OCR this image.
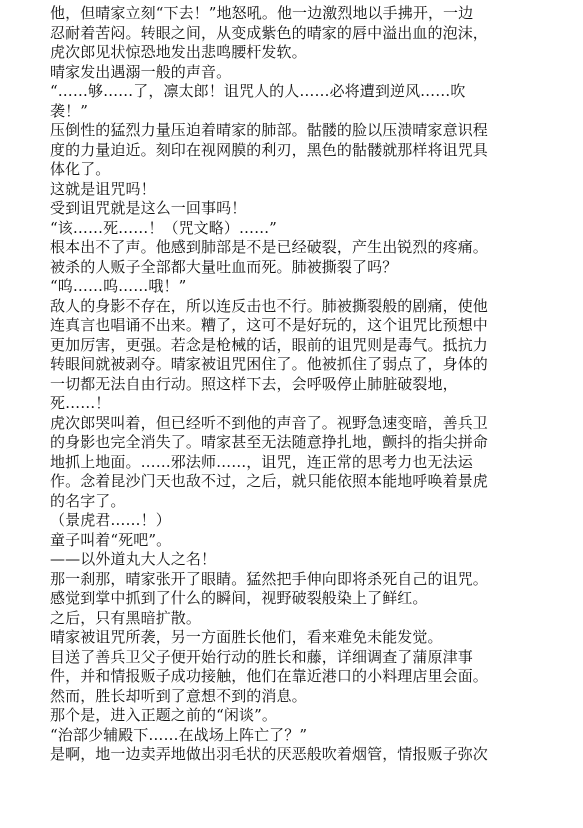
他，但晴家立刻“下去！”地怒吼。他一边激烈地以手拂开，一边
忍耐着苦闷。转眼之间，从变成紫色的晴家的唇中溢出血的泡沫，
虎次郎见状惊恐地发出悲鸣腰杆发软。
晴家发出遇溺一般的声音。
“……够……了，凛太郎！诅咒人的人……必将遭到逆风……吹
袭！”
压倒性的猛烈力量压迫着晴家的肺部。骷髅的脸以压溃晴家意识程
度的力量迫近。刻印在视网膜的利刃，黑色的骷髅就那样将诅咒具
体化了。
这就是诅咒吗！
受到诅咒就是这么一回事吗！
“该……死……！（咒文略）……”
根本出不了声。他感到肺部是不是已经破裂，产生出锐烈的疼痛。
被杀的人贩子全部都大量吐血而死。肺被撕裂了吗？
“呜……呜……哦！”
敌人的身影不存在，所以连反击也不行。肺被撕裂般的剧痛，使他
连真言也唱诵不出来。糟了，这可不是好玩的，这个诅咒比预想中
更加厉害，更强。若念是枪械的话，眼前的诅咒则是毒气。抵抗力
转眼间就被剥夺。晴家被诅咒困住了。他被抓住了弱点了，身体的
一切都无法自由行动。照这样下去，会呼吸停止肺脏破裂地，
死……！
虎次郎哭叫着，但已经听不到他的声音了。视野急速变暗，善兵卫
的身影也完全消失了。晴家甚至无法随意挣扎地，颤抖的指尖拼命
地抓上地面。……邪法师……，诅咒，连正常的思考力也无法运
作。念着昆沙门天也敌不过，之后，就只能依照本能地呼唤着景虎
的名字了。
（景虎君……！）
童子叫着“死吧”。
——以外道丸大人之名！
那一刹那，晴家张开了眼睛。猛然把手伸向即将杀死自己的诅咒。
感觉到掌中抓到了什么的瞬间，视野破裂般染上了鲜红。
之后，只有黑暗扩散。
晴家被诅咒所袭，另一方面胜长他们，看来难免未能发觉。
目送了善兵卫父子便开始行动的胜长和藤，详细调查了蒲原津事
件，并和情报贩子成功接触，他们在靠近港口的小料理店里会面。
然而，胜长却听到了意想不到的消息。
那个是，进入正题之前的“闲谈”。
“治部少辅殿下……在战场上阵亡了？”
是啊，地一边卖弄地做出羽毛状的厌恶般吹着烟管，情报贩子弥次
